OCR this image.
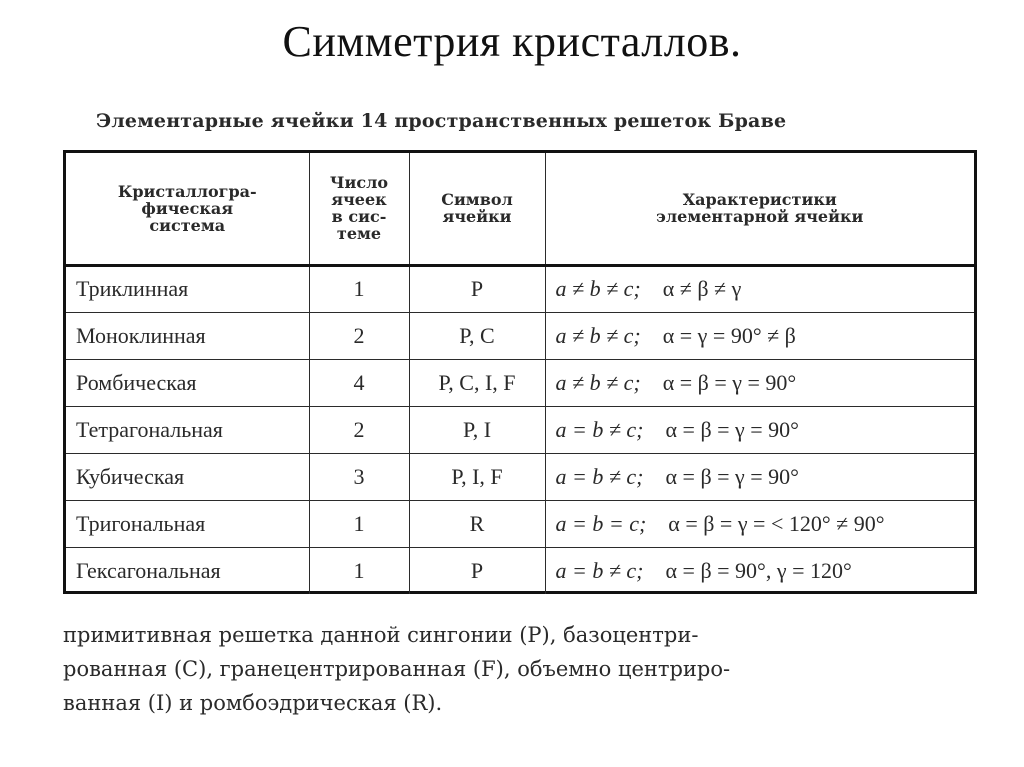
Симметрия кристаллов.
Элементарные ячейки 14 пространственных решеток Браве
Кристаллогра-
фическая
система	Число
ячеек
в сис-
теме	Символ
ячейки	Характеристики
элементарной ячейки
Триклинная	1	P	a ≠ b ≠ c; α ≠ β ≠ γ
Моноклинная	2	P, C	a ≠ b ≠ c; α = γ = 90° ≠ β
Ромбическая	4	P, C, I, F	a ≠ b ≠ c; α = β = γ = 90°
Тетрагональная	2	P, I	a = b ≠ c; α = β = γ = 90°
Кубическая	3	P, I, F	a = b ≠ c; α = β = γ = 90°
Тригональная	1	R	a = b = c; α = β = γ = < 120° ≠ 90°
Гексагональная	1	P	a = b ≠ c; α = β = 90°, γ = 120°
примитивная решетка данной сингонии (P), базоцентри-
рованная (C), гранецентрированная (F), объемно центриро-
ванная (I) и ромбоэдрическая (R).
